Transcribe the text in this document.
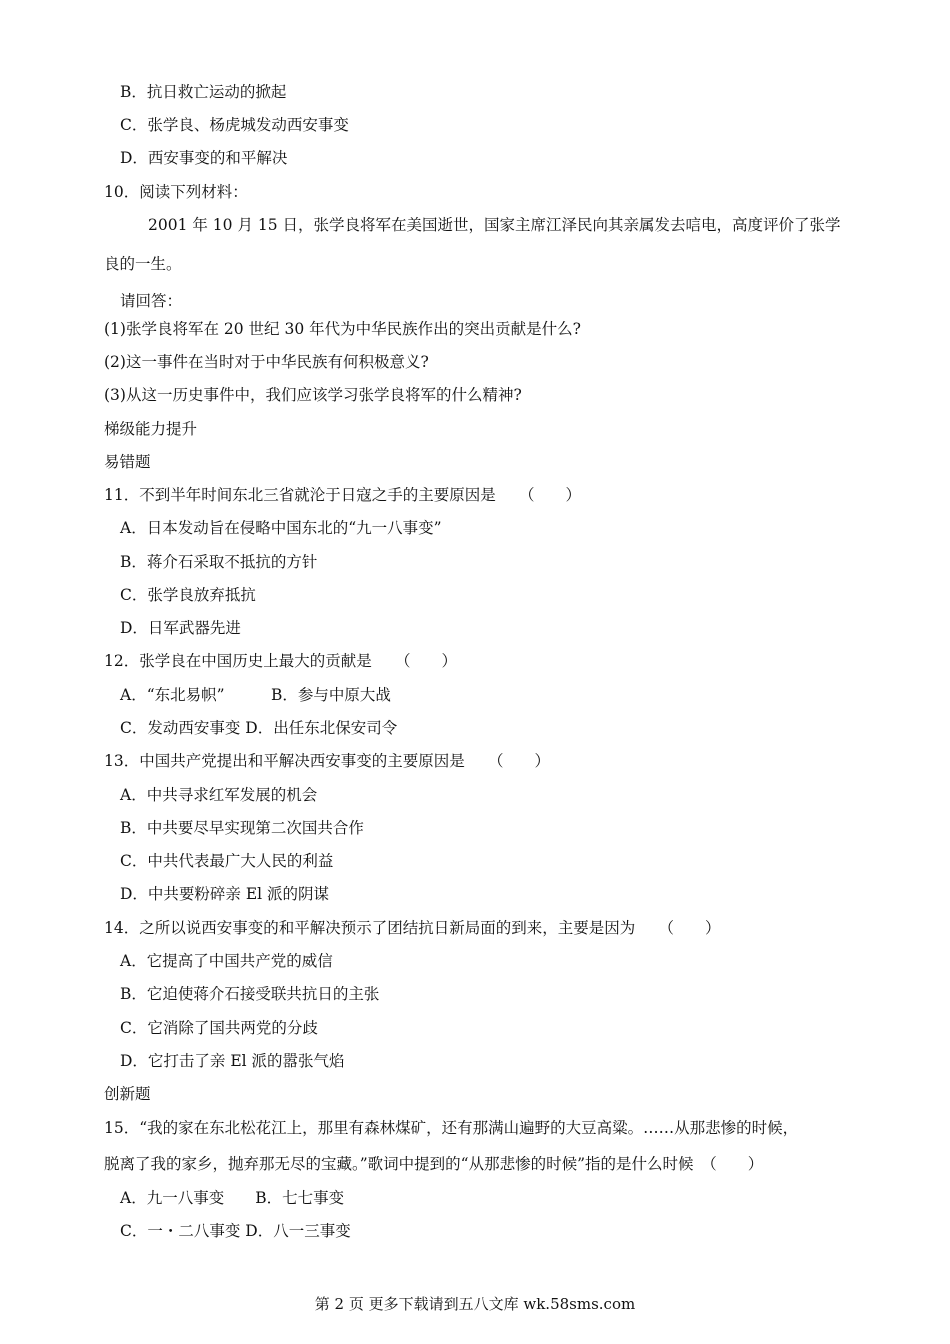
B．抗日救亡运动的掀起
C．张学良、杨虎城发动西安事变
D．西安事变的和平解决
10．阅读下列材料：
2001 年 10 月 15 日，张学良将军在美国逝世，国家主席江泽民向其亲属发去唁电，高度评价了张学
良的一生。
请回答：
(1)张学良将军在 20 世纪 30 年代为中华民族作出的突出贡献是什么?
(2)这一事件在当时对于中华民族有何积极意义?
(3)从这一历史事件中，我们应该学习张学良将军的什么精神?
梯级能力提升
易错题
11．不到半年时间东北三省就沦于日寇之手的主要原因是　　（　　）
A．日本发动旨在侵略中国东北的“九一八事变”
B．蒋介石采取不抵抗的方针
C．张学良放弃抵抗
D．日军武器先进
12．张学良在中国历史上最大的贡献是　　（　　）
A．“东北易帜”　　　B．参与中原大战
C．发动西安事变 D．出任东北保安司令
13．中国共产党提出和平解决西安事变的主要原因是　　（　　）
A．中共寻求红军发展的机会
B．中共要尽早实现第二次国共合作
C．中共代表最广大人民的利益
D．中共要粉碎亲 El 派的阴谋
14．之所以说西安事变的和平解决预示了团结抗日新局面的到来，主要是因为　　（　　）
A．它提高了中国共产党的威信
B．它迫使蒋介石接受联共抗日的主张
C．它消除了国共两党的分歧
D．它打击了亲 El 派的嚣张气焰
创新题
15．“我的家在东北松花江上，那里有森林煤矿，还有那满山遍野的大豆高粱。……从那悲惨的时候，
脱离了我的家乡，抛弃那无尽的宝藏。”歌词中提到的“从那悲惨的时候”指的是什么时候　（　　）
A．九一八事变　　B．七七事变
C．一・二八事变 D．八一三事变
第 2 页 更多下载请到五八文库 wk.58sms.com
